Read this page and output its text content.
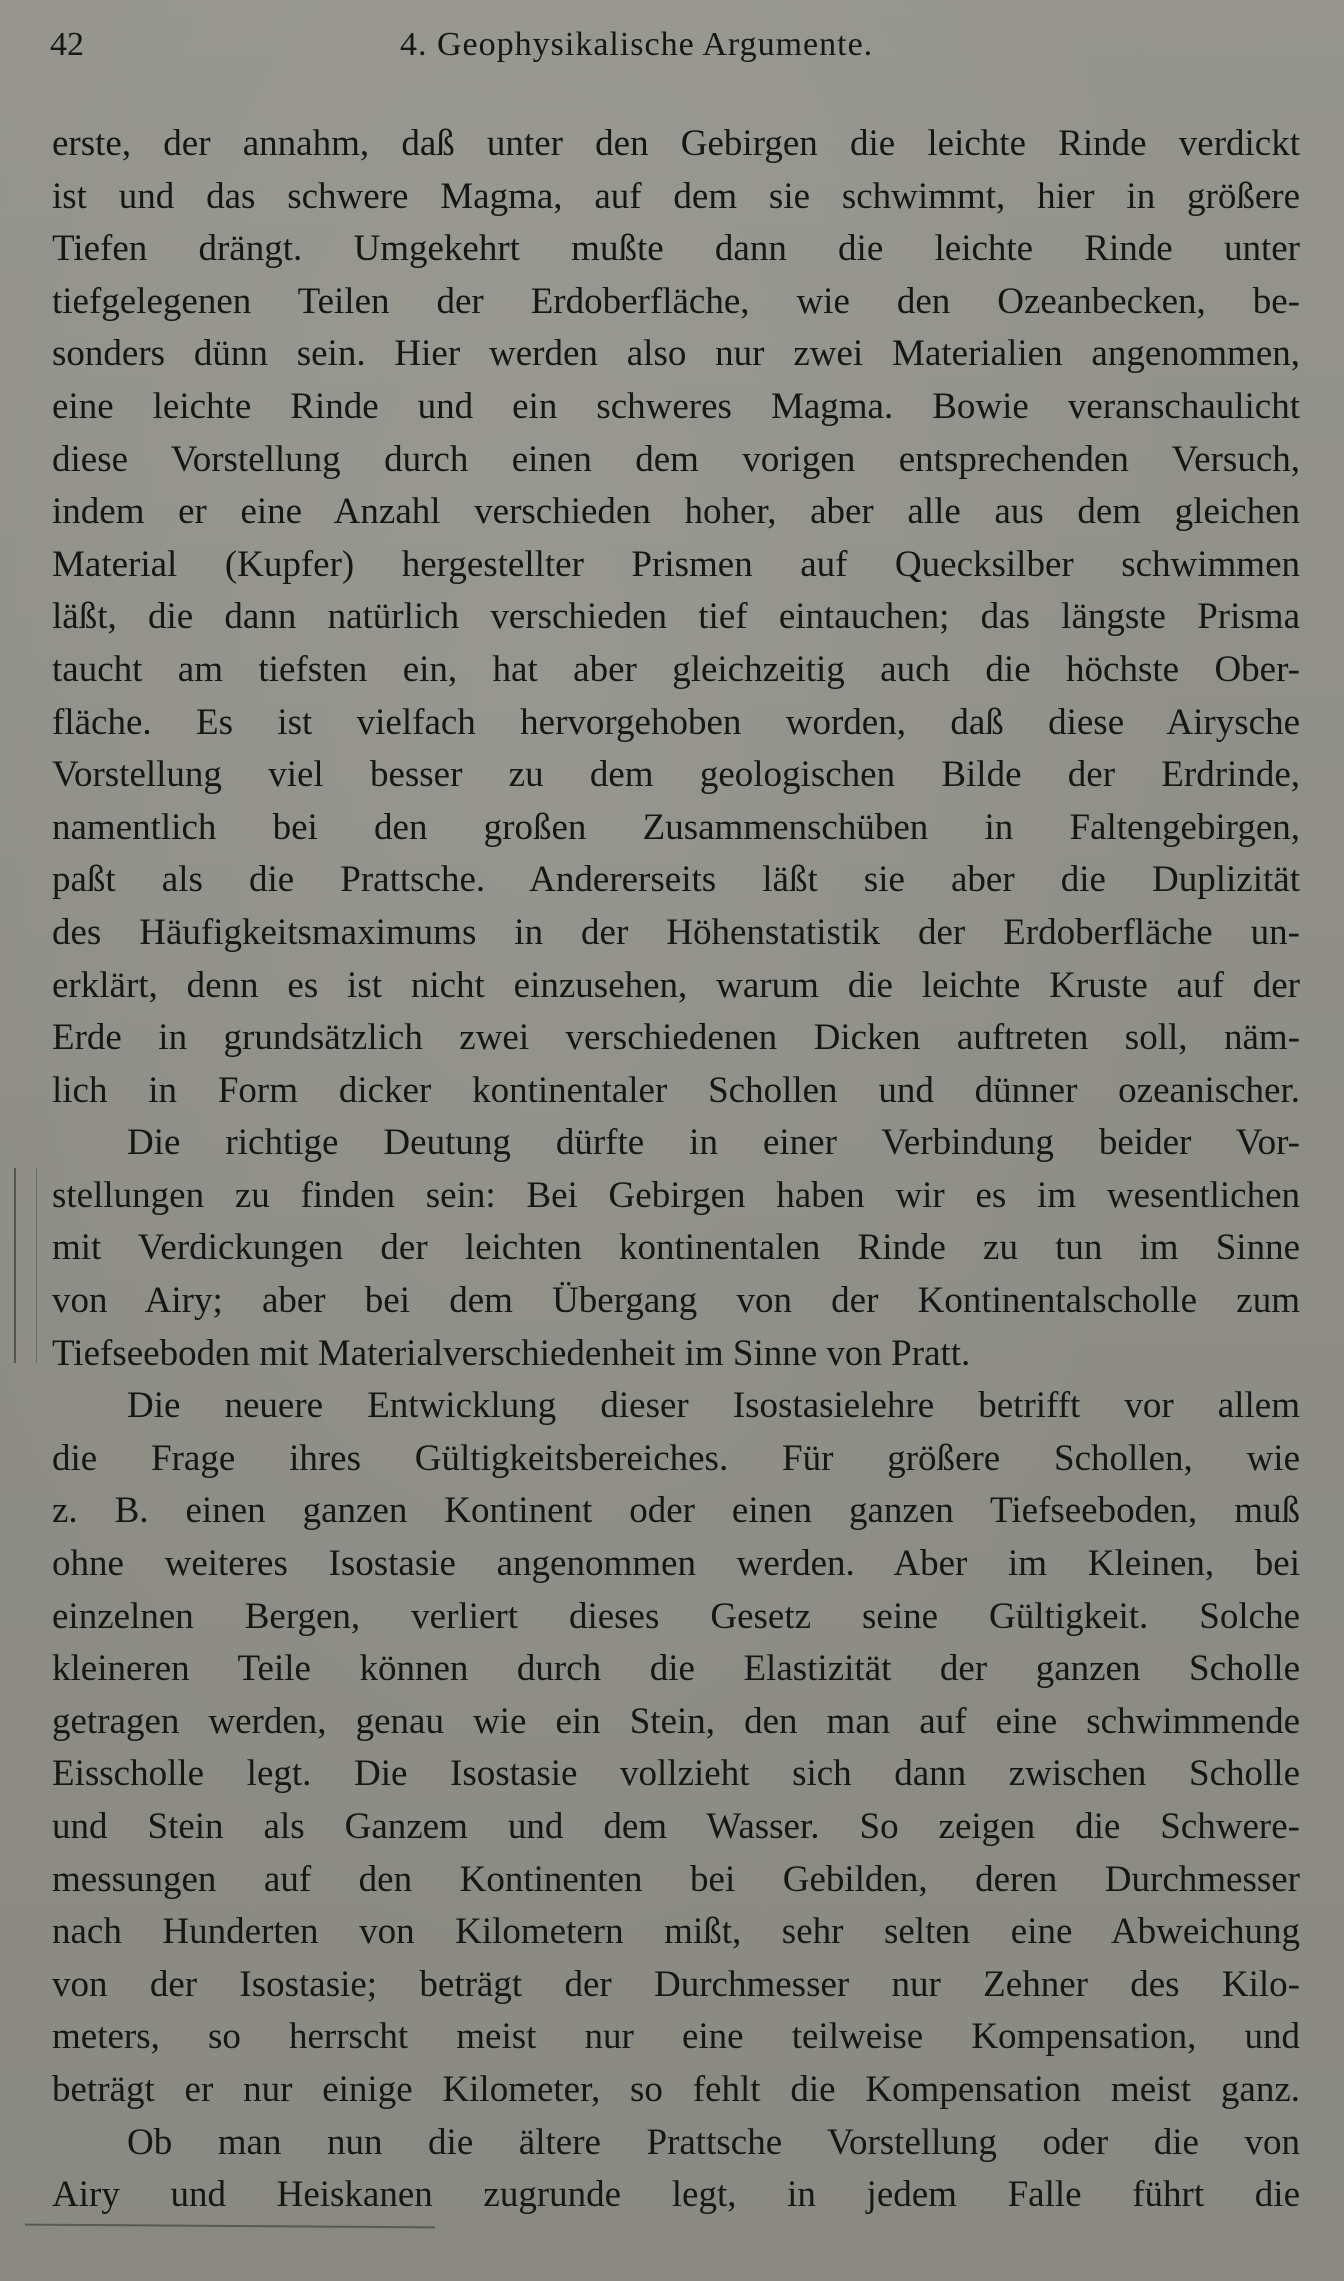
42	4. Geophysikalische Argumente.
erste, der annahm, daß unter den Gebirgen die leichte Rinde verdickt
ist und das schwere Magma, auf dem sie schwimmt, hier in größere
Tiefen drängt. Umgekehrt mußte dann die leichte Rinde unter
tiefgelegenen Teilen der Erdoberfläche, wie den Ozeanbecken, be-
sonders dünn sein. Hier werden also nur zwei Materialien angenommen,
eine leichte Rinde und ein schweres Magma. Bowie veranschaulicht
diese Vorstellung durch einen dem vorigen entsprechenden Versuch,
indem er eine Anzahl verschieden hoher, aber alle aus dem gleichen
Material (Kupfer) hergestellter Prismen auf Quecksilber schwimmen
läßt, die dann natürlich verschieden tief eintauchen; das längste Prisma
taucht am tiefsten ein, hat aber gleichzeitig auch die höchste Ober-
fläche. Es ist vielfach hervorgehoben worden, daß diese Airysche
Vorstellung viel besser zu dem geologischen Bilde der Erdrinde,
namentlich bei den großen Zusammenschüben in Faltengebirgen,
paßt als die Prattsche. Andererseits läßt sie aber die Duplizität
des Häufigkeitsmaximums in der Höhenstatistik der Erdoberfläche un-
erklärt, denn es ist nicht einzusehen, warum die leichte Kruste auf der
Erde in grundsätzlich zwei verschiedenen Dicken auftreten soll, näm-
lich in Form dicker kontinentaler Schollen und dünner ozeanischer.
Die richtige Deutung dürfte in einer Verbindung beider Vor-
stellungen zu finden sein: Bei Gebirgen haben wir es im wesentlichen
mit Verdickungen der leichten kontinentalen Rinde zu tun im Sinne
von Airy; aber bei dem Übergang von der Kontinentalscholle zum
Tiefseeboden mit Materialverschiedenheit im Sinne von Pratt.
Die neuere Entwicklung dieser Isostasielehre betrifft vor allem
die Frage ihres Gültigkeitsbereiches. Für größere Schollen, wie
z. B. einen ganzen Kontinent oder einen ganzen Tiefseeboden, muß
ohne weiteres Isostasie angenommen werden. Aber im Kleinen, bei
einzelnen Bergen, verliert dieses Gesetz seine Gültigkeit. Solche
kleineren Teile können durch die Elastizität der ganzen Scholle
getragen werden, genau wie ein Stein, den man auf eine schwimmende
Eisscholle legt. Die Isostasie vollzieht sich dann zwischen Scholle
und Stein als Ganzem und dem Wasser. So zeigen die Schwere-
messungen auf den Kontinenten bei Gebilden, deren Durchmesser
nach Hunderten von Kilometern mißt, sehr selten eine Abweichung
von der Isostasie; beträgt der Durchmesser nur Zehner des Kilo-
meters, so herrscht meist nur eine teilweise Kompensation, und
beträgt er nur einige Kilometer, so fehlt die Kompensation meist ganz.
Ob man nun die ältere Prattsche Vorstellung oder die von
Airy und Heiskanen zugrunde legt, in jedem Falle führt die
